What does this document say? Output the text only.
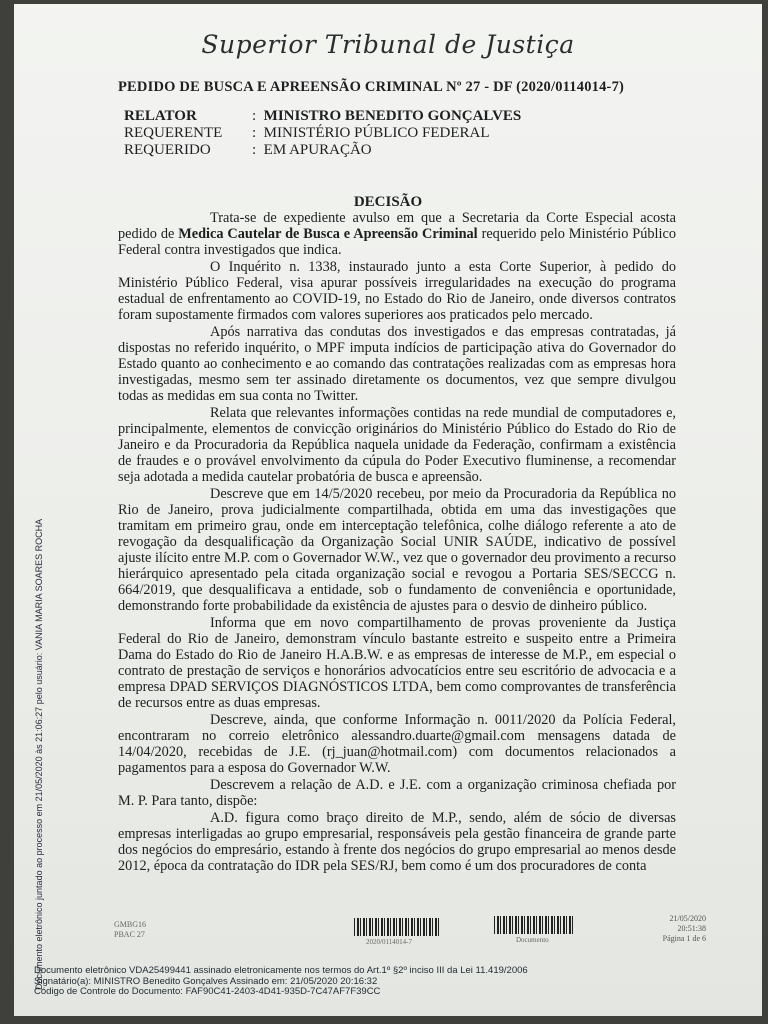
Superior Tribunal de Justiça
PEDIDO DE BUSCA E APREENSÃO CRIMINAL Nº 27 - DF (2020/0114014-7)
RELATOR	: MINISTRO BENEDITO GONÇALVES
REQUERENTE : MINISTÉRIO PÚBLICO FEDERAL
REQUERIDO	: EM APURAÇÃO
DECISÃO

Trata-se de expediente avulso em que a Secretaria da Corte Especial acosta pedido de Medica Cautelar de Busca e Apreensão Criminal requerido pelo Ministério Público Federal contra investigados que indica.

O Inquérito n. 1338, instaurado junto a esta Corte Superior, à pedido do Ministério Público Federal, visa apurar possíveis irregularidades na execução do programa estadual de enfrentamento ao COVID-19, no Estado do Rio de Janeiro, onde diversos contratos foram supostamente firmados com valores superiores aos praticados pelo mercado.

Após narrativa das condutas dos investigados e das empresas contratadas, já dispostas no referido inquérito, o MPF imputa indícios de participação ativa do Governador do Estado quanto ao conhecimento e ao comando das contratações realizadas com as empresas hora investigadas, mesmo sem ter assinado diretamente os documentos, vez que sempre divulgou todas as medidas em sua conta no Twitter.

Relata que relevantes informações contidas na rede mundial de computadores e, principalmente, elementos de convicção originários do Ministério Público do Estado do Rio de Janeiro e da Procuradoria da República naquela unidade da Federação, confirmam a existência de fraudes e o provável envolvimento da cúpula do Poder Executivo fluminense, a recomendar seja adotada a medida cautelar probatória de busca e apreensão.

Descreve que em 14/5/2020 recebeu, por meio da Procuradoria da República no Rio de Janeiro, prova judicialmente compartilhada, obtida em uma das investigações que tramitam em primeiro grau, onde em interceptação telefônica, colhe diálogo referente a ato de revogação da desqualificação da Organização Social UNIR SAÚDE, indicativo de possível ajuste ilícito entre M.P. com o Governador W.W., vez que o governador deu provimento a recurso hierárquico apresentado pela citada organização social e revogou a Portaria SES/SECCG n. 664/2019, que desqualificava a entidade, sob o fundamento de conveniência e oportunidade, demonstrando forte probabilidade da existência de ajustes para o desvio de dinheiro público.

Informa que em novo compartilhamento de provas proveniente da Justiça Federal do Rio de Janeiro, demonstram vínculo bastante estreito e suspeito entre a Primeira Dama do Estado do Rio de Janeiro H.A.B.W. e as empresas de interesse de M.P., em especial o contrato de prestação de serviços e honorários advocatícios entre seu escritório de advocacia e a empresa DPAD SERVIÇOS DIAGNÓSTICOS LTDA, bem como comprovantes de transferência de recursos entre as duas empresas.

Descreve, ainda, que conforme Informação n. 0011/2020 da Polícia Federal, encontraram no correio eletrônico alessandro.duarte@gmail.com mensagens datada de 14/04/2020, recebidas de J.E. (rj_juan@hotmail.com) com documentos relacionados a pagamentos para a esposa do Governador W.W.

Descrevem a relação de A.D. e J.E. com a organização criminosa chefiada por M. P. Para tanto, dispõe:

A.D. figura como braço direito de M.P., sendo, além de sócio de diversas empresas interligadas ao grupo empresarial, responsáveis pela gestão financeira de grande parte dos negócios do empresário, estando à frente dos negócios do grupo empresarial ao menos desde 2012, época da contratação do IDR pela SES/RJ, bem como é um dos procuradores de conta

GMBG16
PBAC 27
2020/0114014-7	Documento
21/05/2020
20:51:38
Página 1 de 6
Documento eletrônico VDA25499441 assinado eletronicamente nos termos do Art.1º §2º inciso III da Lei 11.419/2006
Signatário(a): MINISTRO Benedito Gonçalves Assinado em: 21/05/2020 20:16:32
Código de Controle do Documento: FAF90C41-2403-4D41-935D-7C47AF7F39CC
Documento eletrônico juntado ao processo em 21/05/2020 às 21:06:27 pelo usuário: VANIA MARIA SOARES ROCHA
